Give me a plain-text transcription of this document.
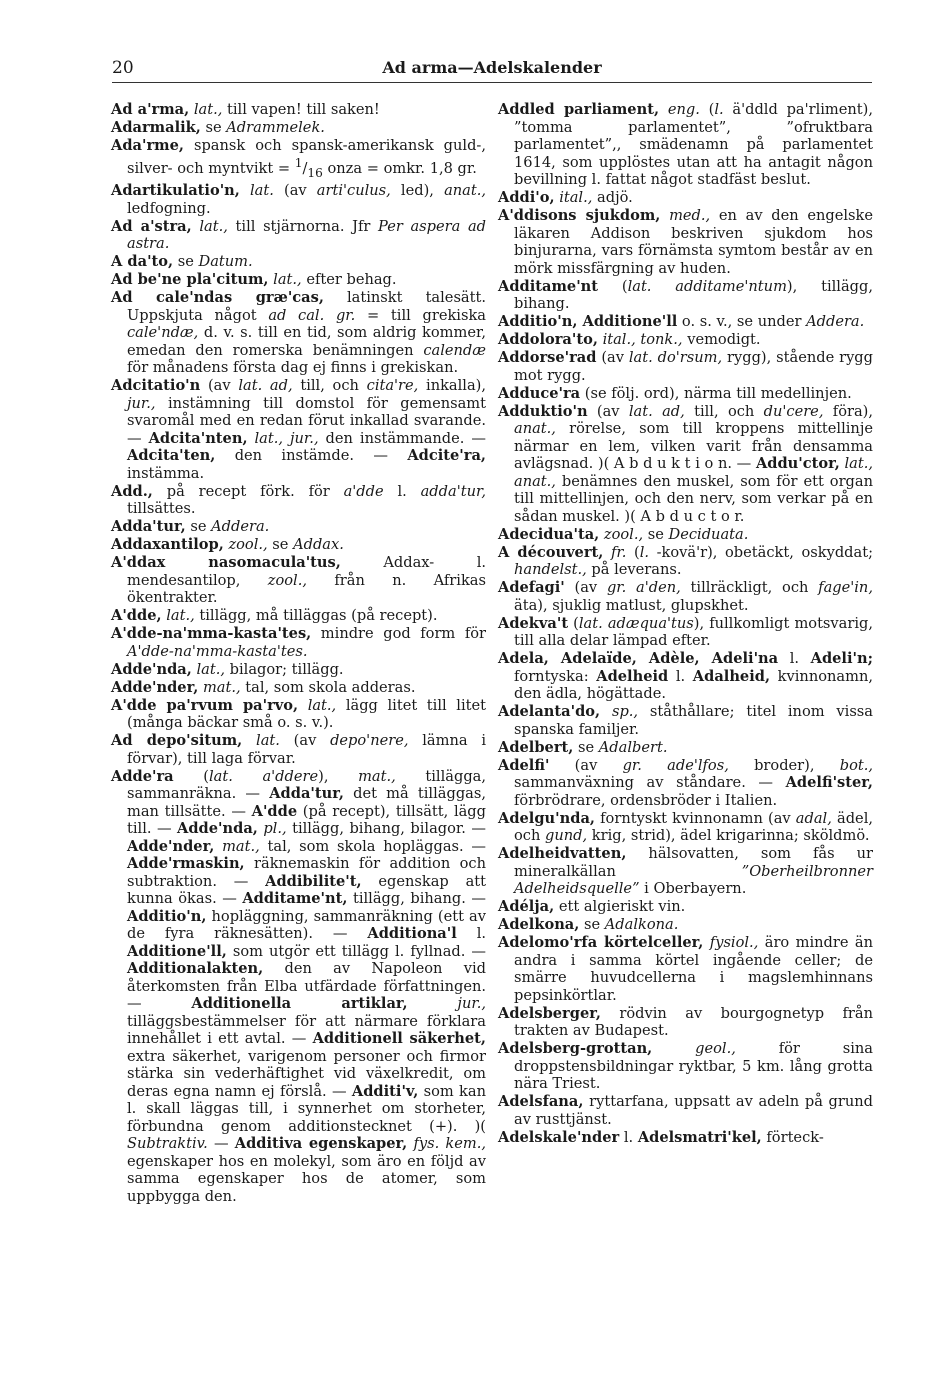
20	Ad arma—Adelskalender

Ad a'rma, lat., till vapen! till saken!

Adarmalik, se Adrammelek.

Ada'rme, spansk och spansk-amerikansk guld-, silver- och myntvikt = $^1/_{16}$ onza = omkr. 1,8 gr.

Adartikulatio'n, lat. (av arti'culus, led), anat., ledfogning.

Ad a'stra, lat., till stjärnorna. Jfr Per aspera ad astra.

A da'to, se Datum.

Ad be'ne pla'citum, lat., efter behag.

Ad cale'ndas græ'cas, latinskt talesätt. Uppskjuta något ad cal. gr. = till grekiska cale'ndæ, d. v. s. till en tid, som aldrig kommer, emedan den romerska benämningen calendæ för månadens första dag ej finns i grekiskan.

Adcitatio'n (av lat. ad, till, och cita're, inkalla), jur., instämning till domstol för gemensamt svaromål med en redan förut inkallad svarande. — Adcita'nten, lat., jur., den instämmande. — Adcita'ten, den instämde. — Adcite'ra, instämma.

Add., på recept förk. för a'dde l. adda'tur, tillsättes.

Adda'tur, se Addera.

Addaxantilop, zool., se Addax.

A'ddax nasomacula'tus, Addax- l. mendesantilop, zool., från n. Afrikas ökentrakter.

A'dde, lat., tillägg, må tilläggas (på recept).

A'dde-na'mma-kasta'tes, mindre god form för A'dde-na'mma-kasta'tes.

Adde'nda, lat., bilagor; tillägg.

Adde'nder, mat., tal, som skola adderas.

A'dde pa'rvum pa'rvo, lat., lägg litet till litet (många bäckar små o. s. v.).

Ad depo'situm, lat. (av depo'nere, lämna i förvar), till laga förvar.

Adde'ra (lat. a'ddere), mat., tillägga, sammanräkna. — Adda'tur, det må tilläggas, man tillsätte. — A'dde (på recept), tillsätt, lägg till. — Adde'nda, pl., tillägg, bihang, bilagor. — Adde'nder, mat., tal, som skola hopläggas. — Adde'rmaskin, räknemaskin för addition och subtraktion. — Addibilite't, egenskap att kunna ökas. — Additame'nt, tillägg, bihang. — Additio'n, hopläggning, sammanräkning (ett av de fyra räknesätten). — Additiona'l l. Additione'll, som utgör ett tillägg l. fyllnad. — Additionalakten, den av Napoleon vid återkomsten från Elba utfärdade författningen. — Additionella artiklar,	jur., tilläggsbestämmelser för att närmare förklara innehållet i ett avtal. — Additionell säkerhet, extra säkerhet, varigenom personer och firmor stärka sin vederhäftighet vid växelkredit, om deras egna namn ej förslå. — Additi'v, som kan l. skall läggas till, i synnerhet om storheter, förbundna genom additionstecknet (+). )( Subtraktiv. — Additiva egenskaper, fys. kem., egenskaper hos en molekyl, som äro en följd av samma egenskaper hos de atomer, som uppbygga den.

Addled parliament, eng. (l. ä'ddld pa'rliment), ”tomma parlamentet”, ”ofruktbara parlamentet”,, smädenamn på parlamentet 1614, som upplöstes utan att ha antagit någon bevillning l. fattat något stadfäst beslut.

Addi'o, ital., adjö.

A'ddisons sjukdom, med., en av den engelske läkaren Addison beskriven sjukdom hos binjurarna, vars förnämsta symtom består av en mörk missfärgning av huden.

Additame'nt (lat. additame'ntum), tillägg, bihang.

Additio'n, Additione'll o. s. v., se under Addera.

Addolora'to, ital., tonk., vemodigt.

Addorse'rad (av lat. do'rsum, rygg), stående rygg mot rygg.

Adduce'ra (se följ. ord), närma till medellinjen.

Adduktio'n (av lat. ad, till, och du'cere, föra), anat., rörelse, som till kroppens mittellinje närmar en lem, vilken varit från densamma avlägsnad. )( A b d u k t i o n. — Addu'ctor, lat., anat., benämnes den muskel, som för ett organ till mittellinjen, och den nerv, som verkar på en sådan muskel. )( A b d u c t o r.

Adecidua'ta, zool., se Deciduata.

A découvert, fr. (l. -kovä'r), obetäckt, oskyddat; handelst., på leverans.

Adefagi' (av gr. a'den, tillräckligt, och fage'in, äta), sjuklig matlust, glupskhet.

Adekva't (lat. adæqua'tus), fullkomligt motsvarig, till alla delar lämpad efter.

Adela, Adelaïde, Adèle, Adeli'na l. Adeli'n; forntyska: Adelheid l. Adalheid, kvinnonamn, den ädla, högättade.

Adelanta'do, sp., ståthållare; titel inom vissa spanska familjer.

Adelbert, se Adalbert.

Adelfi' (av gr. ade'lfos, broder), bot., sammanväxning av ståndare. — Adelfi'ster, förbrödrare, ordensbröder i Italien.

Adelgu'nda, forntyskt kvinnonamn (av adal, ädel, och gund, krig, strid), ädel krigarinna; sköldmö.

Adelheidvatten, hälsovatten, som fås ur mineralkällan ”Oberheilbronner Adelheidsquelle” i Oberbayern.

Adélja, ett algieriskt vin.

Adelkona, se Adalkona.

Adelomo'rfa körtelceller, fysiol., äro mindre än andra i samma körtel ingående celler; de smärre huvudcellerna i magslemhinnans pepsinkörtlar.

Adelsberger, rödvin av bourgognetyp från trakten av Budapest.

Adelsberg-grottan,	geol., för sina droppstensbildningar ryktbar, 5 km. lång grotta nära Triest.

Adelsfana, ryttarfana, uppsatt av adeln på grund av rusttjänst.

Adelskale'nder l. Adelsmatri'kel, förteck-
